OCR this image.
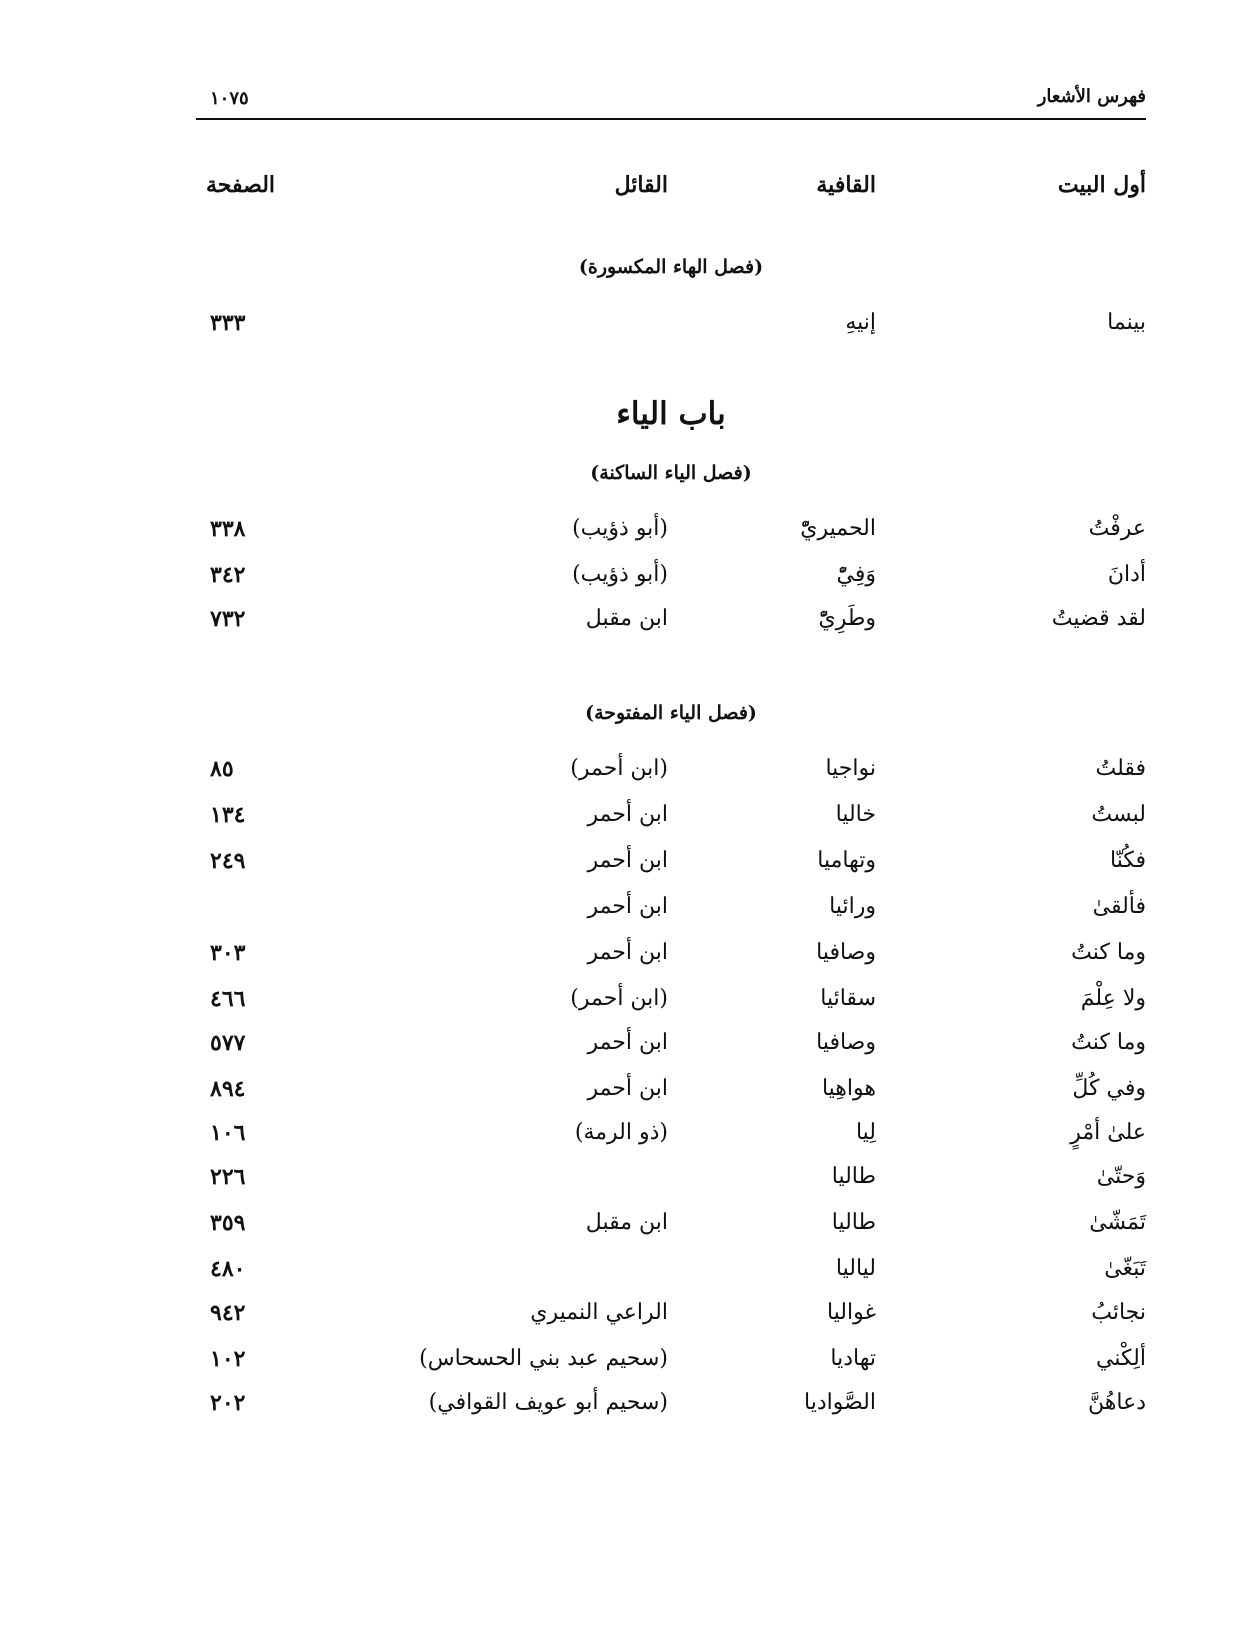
فهرس الأشعار
١٠٧٥
أول البيت
القافية
القائل
الصفحة
(فصل الهاء المكسورة)
بينما
إنيهِ
٣٣٣
باب الياء
(فصل الياء الساكنة)
عرفْتُ
الحميريّْ
(أبو ذؤيب)
٣٣٨
أدانَ
وَفِيّْ
(أبو ذؤيب)
٣٤٢
لقد قضيتُ
وطَرِيّْ
ابن مقبل
٧٣٢
(فصل الياء المفتوحة)
فقلتُ
نواجيا
(ابن أحمر)
٨٥
لبستُ
خاليا
ابن أحمر
١٣٤
فكُنّا
وتهاميا
ابن أحمر
٢٤٩
فألقىٰ
ورائيا
ابن أحمر
وما كنتُ
وصافيا
ابن أحمر
٣٠٣
ولا عِلْمَ
سقائيا
(ابن أحمر)
٤٦٦
وما كنتُ
وصافيا
ابن أحمر
٥٧٧
وفي كُلِّ
هواهِيا
ابن أحمر
٨٩٤
علىٰ أمْرٍ
لِيا
(ذو الرمة)
١٠٦
وَحتّىٰ
طاليا
٢٢٦
تَمَشّىٰ
طاليا
ابن مقبل
٣٥٩
تَبَغّىٰ
لياليا
٤٨٠
نجائبُ
غواليا
الراعي النميري
٩٤٢
ألِكْني
تهاديا
(سحيم عبد بني الحسحاس)
١٠٢
دعاهُنَّ
الصَّواديا
(سحيم أبو عويف القوافي)
٢٠٢
